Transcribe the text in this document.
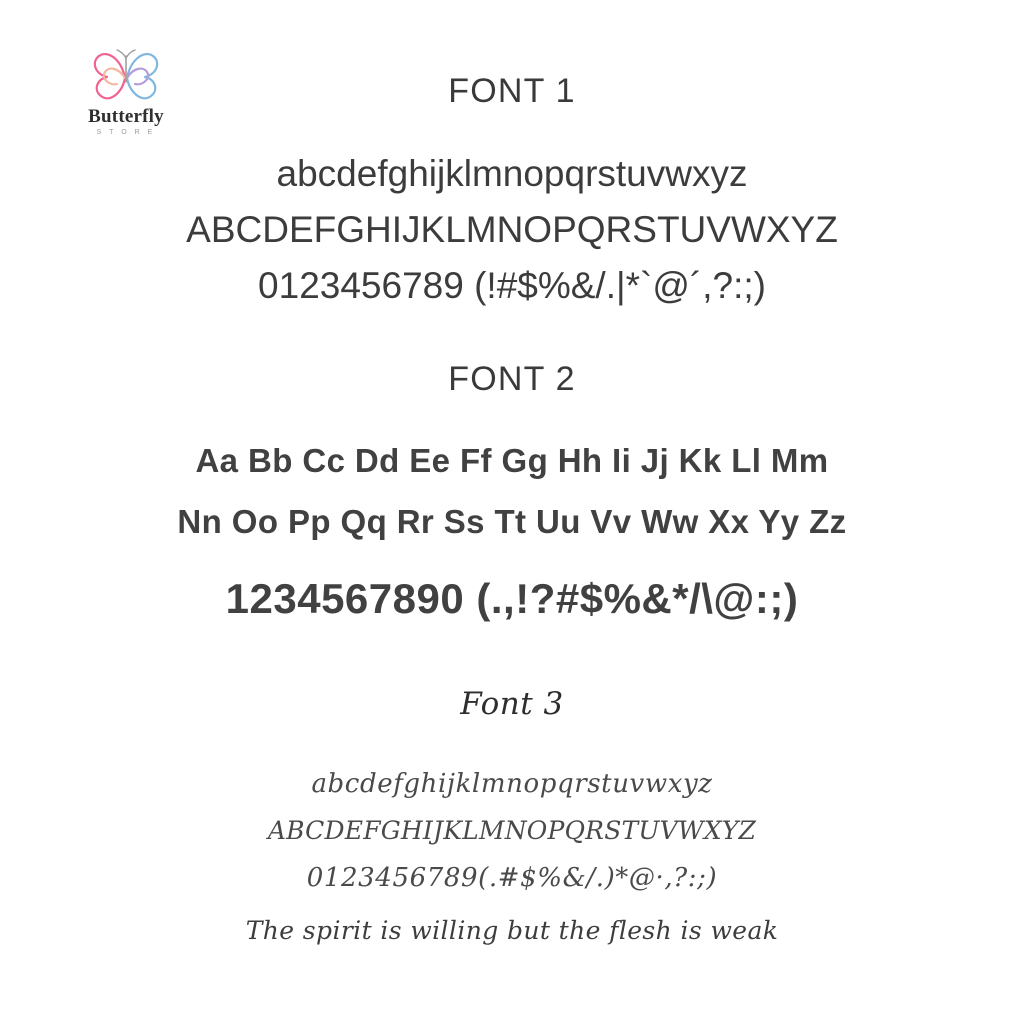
Butterfly
S T O R E
FONT 1
abcdefghijklmnopqrstuvwxyz
ABCDEFGHIJKLMNOPQRSTUVWXYZ
0123456789 (!#$%&/.|*`@´,?:;)
FONT 2
Aa Bb Cc Dd Ee Ff Gg Hh Ii Jj Kk Ll Mm
Nn Oo Pp Qq Rr Ss Tt Uu Vv Ww Xx Yy Zz
1234567890 (.,!?#$%&*/\@:;)
Font 3
abcdefghijklmnopqrstuvwxyz
ABCDEFGHIJKLMNOPQRSTUVWXYZ
0123456789(.#$%&/.)*@·,?:;)
The spirit is willing but the flesh is weak
